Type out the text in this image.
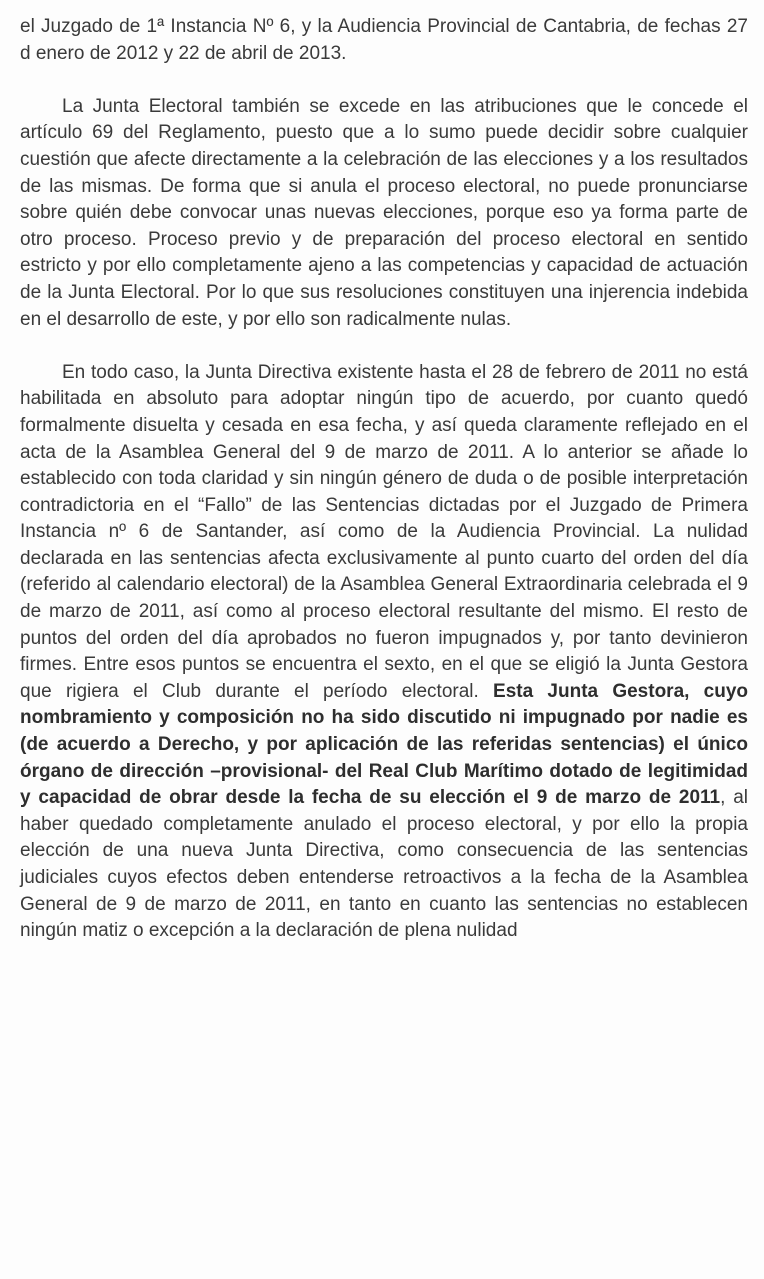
el Juzgado de 1ª Instancia Nº 6, y la Audiencia Provincial de Cantabria, de fechas 27 d enero de 2012 y 22 de abril de 2013.

La Junta Electoral también se excede en las atribuciones que le concede el artículo 69 del Reglamento, puesto que a lo sumo puede decidir sobre cualquier cuestión que afecte directamente a la celebración de las elecciones y a los resultados de las mismas. De forma que si anula el proceso electoral, no puede pronunciarse sobre quién debe convocar unas nuevas elecciones, porque eso ya forma parte de otro proceso. Proceso previo y de preparación del proceso electoral en sentido estricto y por ello completamente ajeno a las competencias y capacidad de actuación de la Junta Electoral. Por lo que sus resoluciones constituyen una injerencia indebida en el desarrollo de este, y por ello son radicalmente nulas.

En todo caso, la Junta Directiva existente hasta el 28 de febrero de 2011 no está habilitada en absoluto para adoptar ningún tipo de acuerdo, por cuanto quedó formalmente disuelta y cesada en esa fecha, y así queda claramente reflejado en el acta de la Asamblea General del 9 de marzo de 2011. A lo anterior se añade lo establecido con toda claridad y sin ningún género de duda o de posible interpretación contradictoria en el “Fallo” de las Sentencias dictadas por el Juzgado de Primera Instancia nº 6 de Santander, así como de la Audiencia Provincial. La nulidad declarada en las sentencias afecta exclusivamente al punto cuarto del orden del día (referido al calendario electoral) de la Asamblea General Extraordinaria celebrada el 9 de marzo de 2011, así como al proceso electoral resultante del mismo. El resto de puntos del orden del día aprobados no fueron impugnados y, por tanto devinieron firmes. Entre esos puntos se encuentra el sexto, en el que se eligió la Junta Gestora que rigiera el Club durante el período electoral. Esta Junta Gestora, cuyo nombramiento y composición no ha sido discutido ni impugnado por nadie es (de acuerdo a Derecho, y por aplicación de las referidas sentencias) el único órgano de dirección –provisional- del Real Club Marítimo dotado de legitimidad y capacidad de obrar desde la fecha de su elección el 9 de marzo de 2011, al haber quedado completamente anulado el proceso electoral, y por ello la propia elección de una nueva Junta Directiva, como consecuencia de las sentencias judiciales cuyos efectos deben entenderse retroactivos a la fecha de la Asamblea General de 9 de marzo de 2011, en tanto en cuanto las sentencias no establecen ningún matiz o excepción a la declaración de plena nulidad
